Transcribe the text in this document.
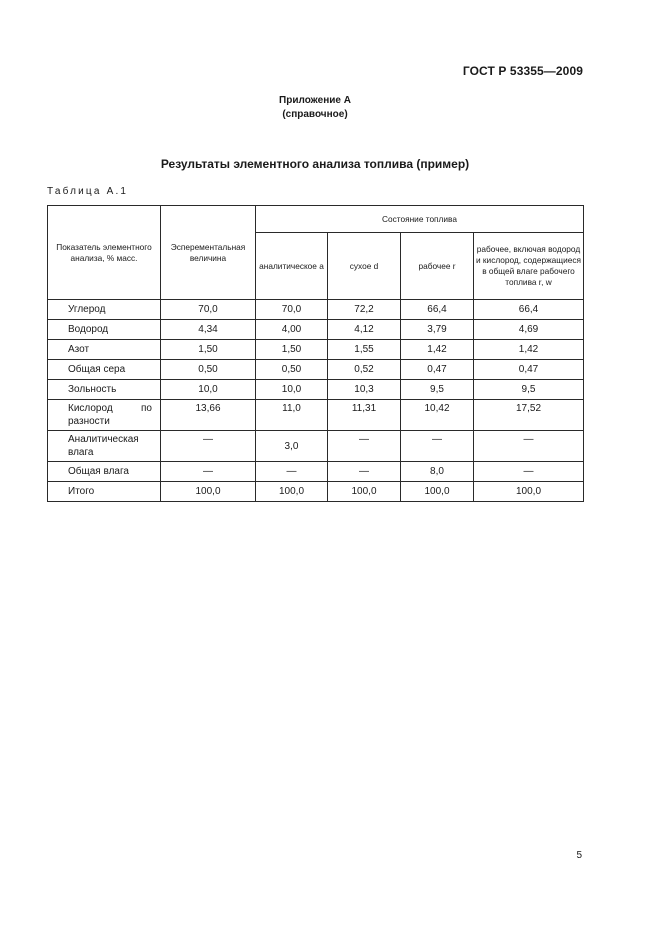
ГОСТ Р 53355—2009
Приложение А
(справочное)
Результаты элементного анализа топлива (пример)
Таблица А.1
Показатель элементного анализа, % масс.	Эсперементальная величина	Состояние топлива			
		аналитическое a	сухое d	рабочее r	рабочее, включая водород и кислород, содержащиеся в общей влаге рабочего топлива r, w
Углерод	70,0	70,0	72,2	66,4	66,4
Водород	4,34	4,00	4,12	3,79	4,69
Азот	1,50	1,50	1,55	1,42	1,42
Общая сера	0,50	0,50	0,52	0,47	0,47
Зольность	10,0	10,0	10,3	9,5	9,5
Кислород по разности	13,66	11,0	11,31	10,42	17,52
Аналитическая влага	—	3,0	—	—	—
Общая влага	—	—	—	8,0	—
Итого	100,0	100,0	100,0	100,0	100,0
5
